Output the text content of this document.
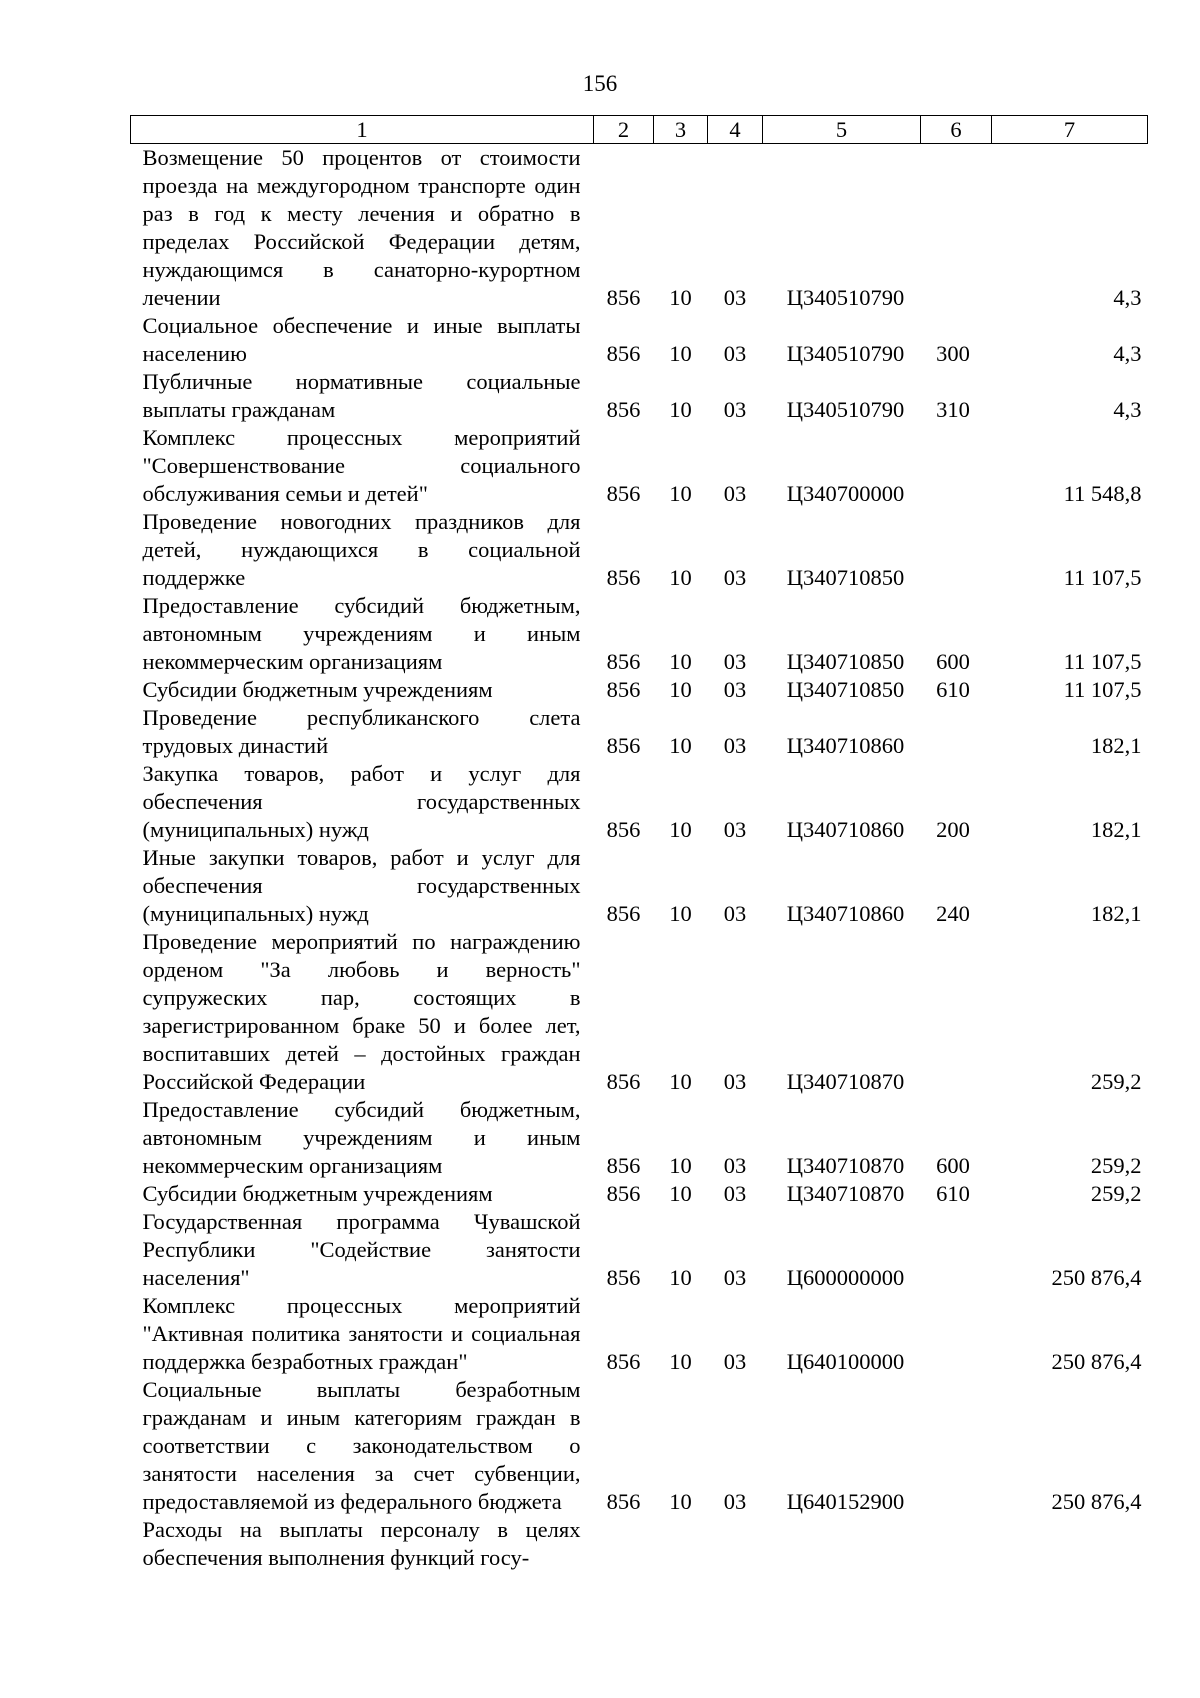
156
1	2	3	4	5	6	7
Возмещение 50 процентов от стоимости проезда на междугородном транспорте один раз в год к месту лечения и обратно в пределах Российской Федерации детям, нуждающимся в санаторно-курортном лечении	856	10	03	Ц340510790		4,3
Социальное обеспечение и иные выплаты населению	856	10	03	Ц340510790	300	4,3
Публичные нормативные социальные выплаты гражданам	856	10	03	Ц340510790	310	4,3
Комплекс процессных мероприятий "Совершенствование социального обслуживания семьи и детей"	856	10	03	Ц340700000		11 548,8
Проведение новогодних праздников для детей, нуждающихся в социальной поддержке	856	10	03	Ц340710850		11 107,5
Предоставление субсидий бюджетным, автономным учреждениям и иным некоммерческим организациям	856	10	03	Ц340710850	600	11 107,5
Субсидии бюджетным учреждениям	856	10	03	Ц340710850	610	11 107,5
Проведение республиканского слета трудовых династий	856	10	03	Ц340710860		182,1
Закупка товаров, работ и услуг для обеспечения государственных (муниципальных) нужд	856	10	03	Ц340710860	200	182,1
Иные закупки товаров, работ и услуг для обеспечения государственных (муниципальных) нужд	856	10	03	Ц340710860	240	182,1
Проведение мероприятий по награждению орденом "За любовь и верность" супружеских пар, состоящих в зарегистрированном браке 50 и более лет, воспитавших детей – достойных граждан Российской Федерации	856	10	03	Ц340710870		259,2
Предоставление субсидий бюджетным, автономным учреждениям и иным некоммерческим организациям	856	10	03	Ц340710870	600	259,2
Субсидии бюджетным учреждениям	856	10	03	Ц340710870	610	259,2
Государственная программа Чувашской Республики "Содействие занятости населения"	856	10	03	Ц600000000		250 876,4
Комплекс процессных мероприятий "Активная политика занятости и социальная поддержка безработных граждан"	856	10	03	Ц640100000		250 876,4
Социальные выплаты безработным гражданам и иным категориям граждан в соответствии с законодательством о занятости населения за счет субвенции, предоставляемой из федерального бюджета	856	10	03	Ц640152900		250 876,4
Расходы на выплаты персоналу в целях обеспечения выполнения функций госу-						
